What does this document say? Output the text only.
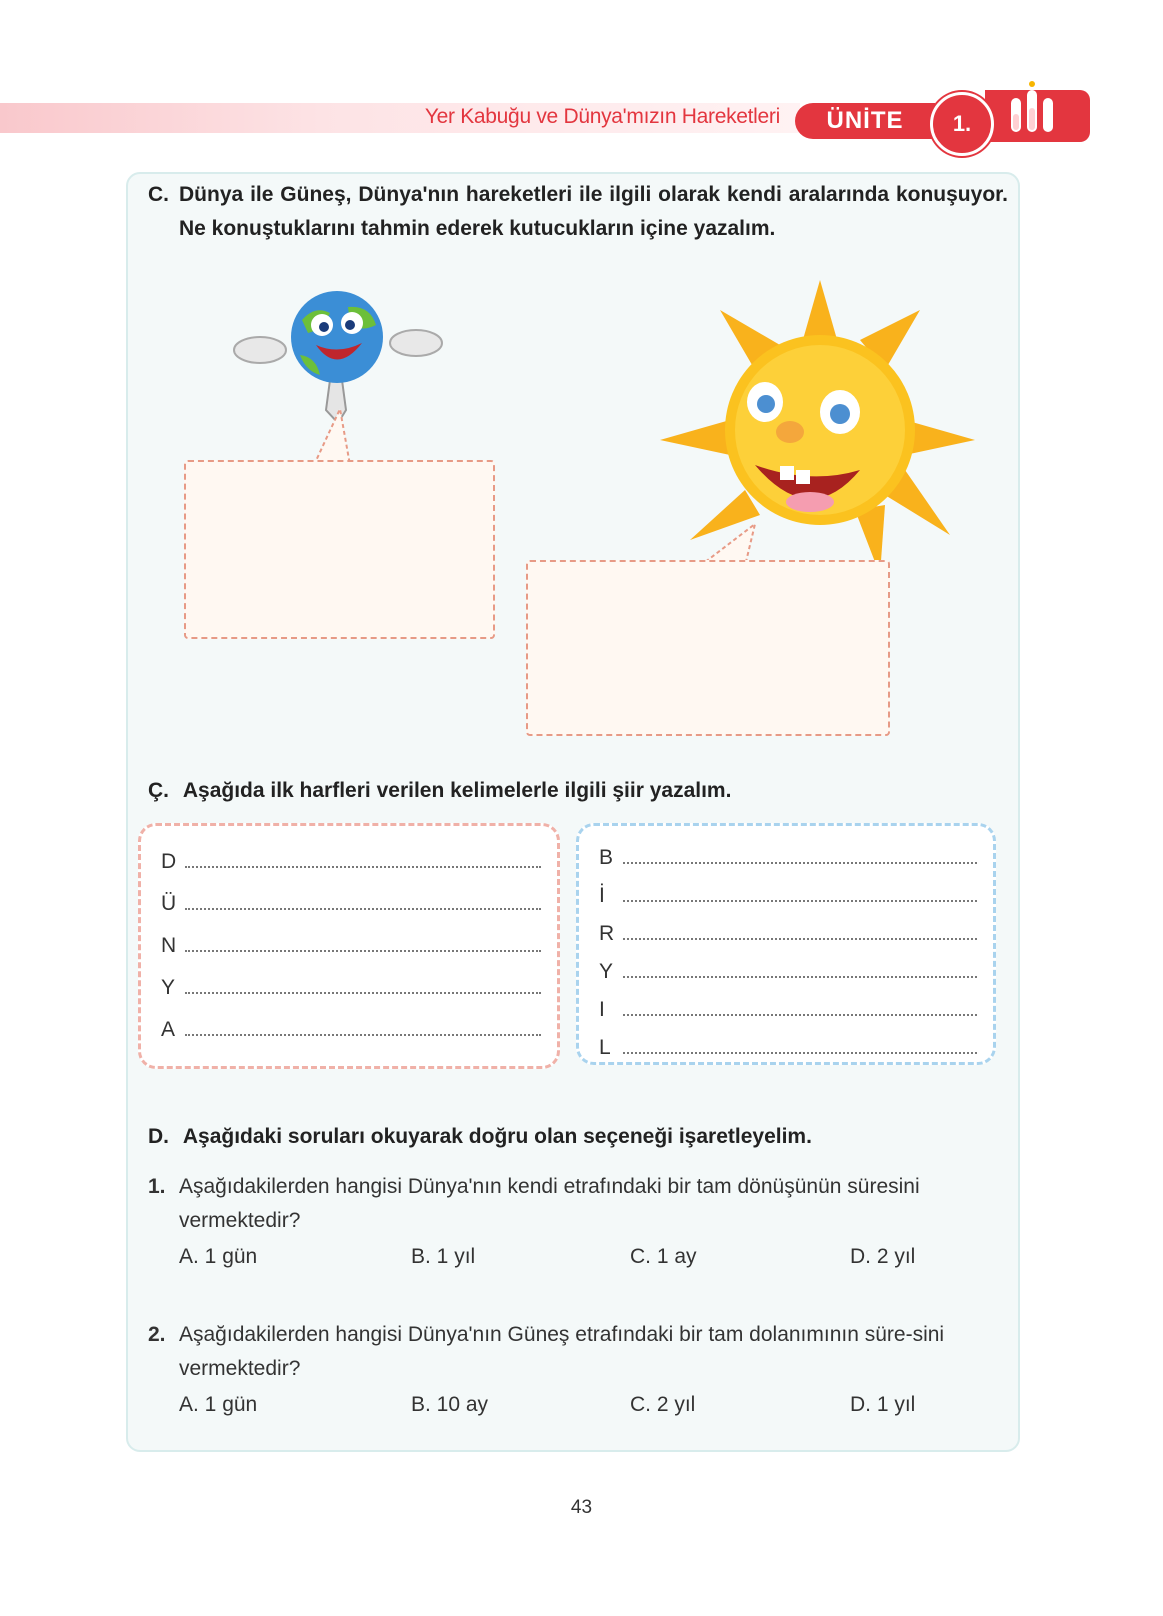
Yer Kabuğu ve Dünya'mızın Hareketleri	ÜNİTE	1.
C. Dünya ile Güneş, Dünya'nın hareketleri ile ilgili olarak kendi aralarında konuşuyor. Ne konuştuklarını tahmin ederek kutucukların içine yazalım.
Ç. Aşağıda ilk harfleri verilen kelimelerle ilgili şiir yazalım.
D
Ü
N
Y
A
B
İ
R
Y
I
L
D. Aşağıdaki soruları okuyarak doğru olan seçeneği işaretleyelim.
1. Aşağıdakilerden hangisi Dünya'nın kendi etrafındaki bir tam dönüşünün süresini vermektedir?
A. 1 gün	B. 1 yıl	C. 1 ay	D. 2 yıl
2. Aşağıdakilerden hangisi Dünya'nın Güneş etrafındaki bir tam dolanımının süre-sini vermektedir?
A. 1 gün	B. 10 ay	C. 2 yıl	D. 1 yıl
43
